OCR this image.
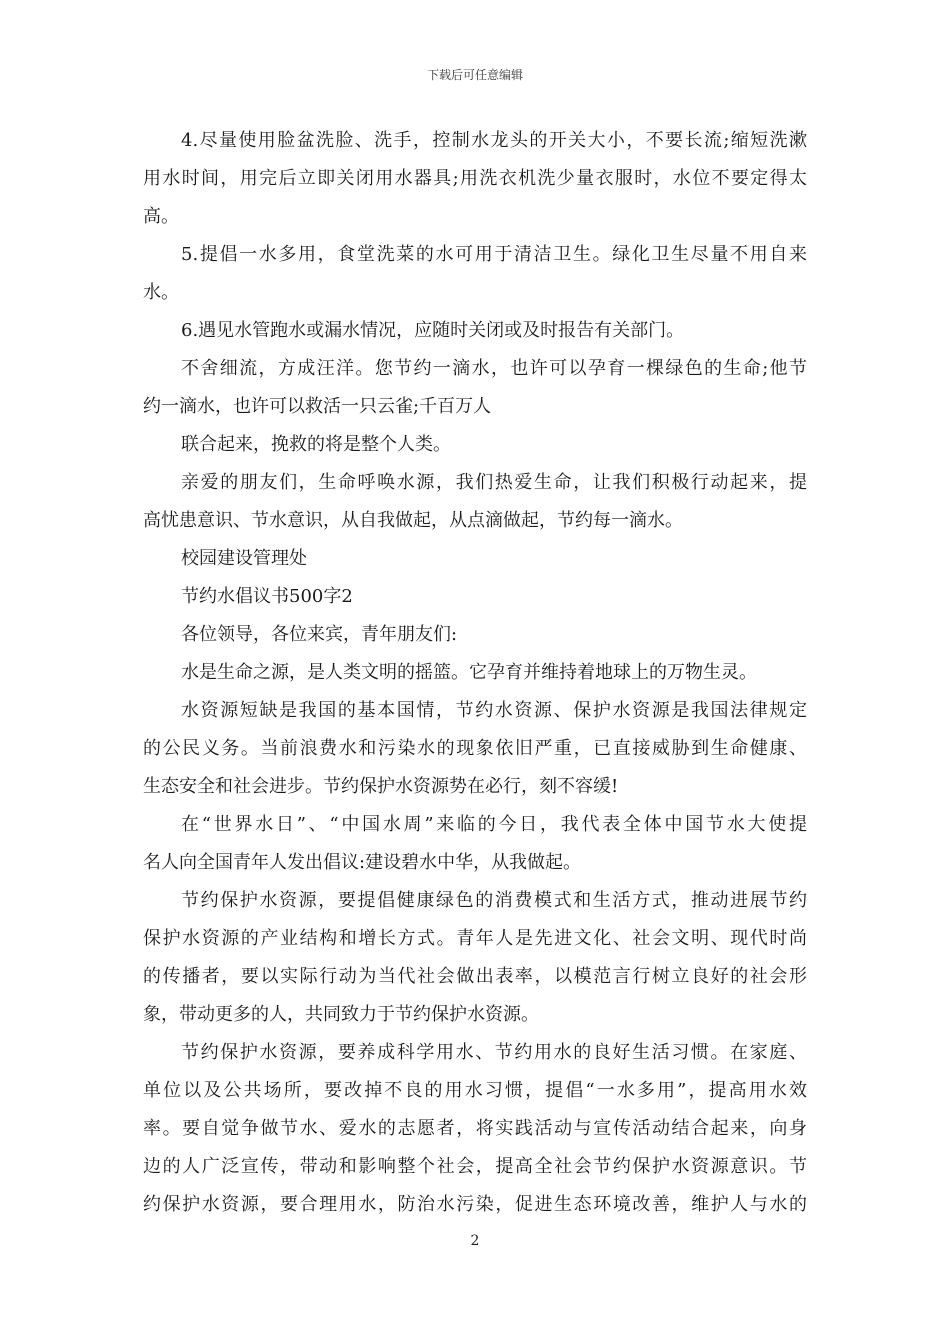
下载后可任意编辑
4.尽量使用脸盆洗脸、洗手，控制水龙头的开关大小，不要长流;缩短洗漱
用水时间，用完后立即关闭用水器具;用洗衣机洗少量衣服时，水位不要定得太
高。
5.提倡一水多用，食堂洗菜的水可用于清洁卫生。绿化卫生尽量不用自来
水。
6.遇见水管跑水或漏水情况，应随时关闭或及时报告有关部门。
不舍细流，方成汪洋。您节约一滴水，也许可以孕育一棵绿色的生命;他节
约一滴水，也许可以救活一只云雀;千百万人
联合起来，挽救的将是整个人类。
亲爱的朋友们，生命呼唤水源，我们热爱生命，让我们积极行动起来，提
高忧患意识、节水意识，从自我做起，从点滴做起，节约每一滴水。
校园建设管理处
节约水倡议书500字2
各位领导，各位来宾，青年朋友们:
水是生命之源，是人类文明的摇篮。它孕育并维持着地球上的万物生灵。
水资源短缺是我国的基本国情，节约水资源、保护水资源是我国法律规定
的公民义务。当前浪费水和污染水的现象依旧严重，已直接威胁到生命健康、
生态安全和社会进步。节约保护水资源势在必行，刻不容缓!
在“世界水日”、“中国水周”来临的今日，我代表全体中国节水大使提
名人向全国青年人发出倡议:建设碧水中华，从我做起。
节约保护水资源，要提倡健康绿色的消费模式和生活方式，推动进展节约
保护水资源的产业结构和增长方式。青年人是先进文化、社会文明、现代时尚
的传播者，要以实际行动为当代社会做出表率，以模范言行树立良好的社会形
象，带动更多的人，共同致力于节约保护水资源。
节约保护水资源，要养成科学用水、节约用水的良好生活习惯。在家庭、
单位以及公共场所，要改掉不良的用水习惯，提倡“一水多用”，提高用水效
率。要自觉争做节水、爱水的志愿者，将实践活动与宣传活动结合起来，向身
边的人广泛宣传，带动和影响整个社会，提高全社会节约保护水资源意识。节
约保护水资源，要合理用水，防治水污染，促进生态环境改善，维护人与水的
2
